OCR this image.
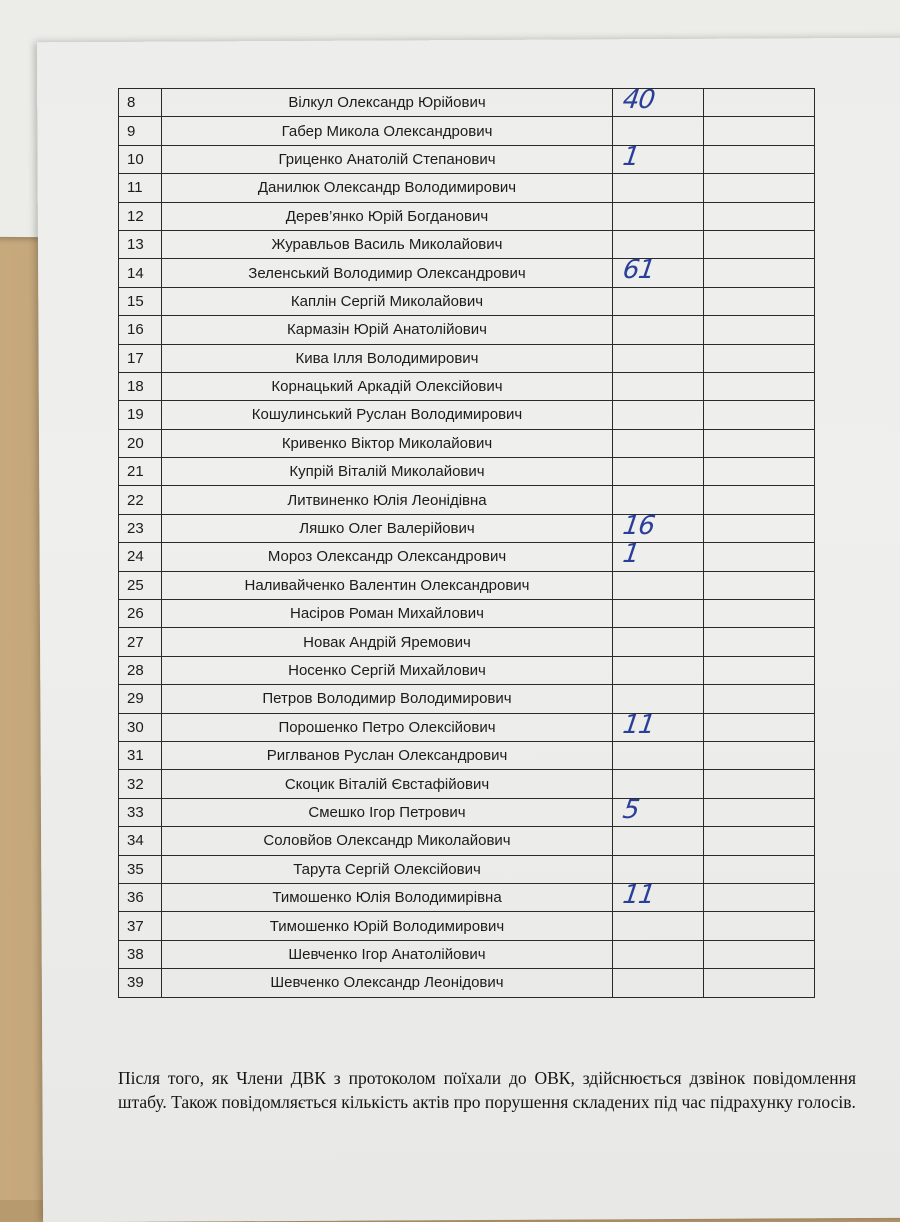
8	Вілкул Олександр Юрійович	40	

9	Габер Микола Олександрович		
10	Гриценко Анатолій Степанович	1	

11	Данилюк Олександр Володимирович		
12	Дерев’янко Юрій Богданович		
13	Журавльов Василь Миколайович		
14	Зеленський Володимир Олександрович	61	

15	Каплін Сергій Миколайович		
16	Кармазін Юрій Анатолійович		
17	Кива Ілля Володимирович		
18	Корнацький Аркадій Олексійович		
19	Кошулинський Руслан Володимирович		
20	Кривенко Віктор Миколайович		
21	Купрій Віталій Миколайович		
22	Литвиненко Юлія Леонідівна		
23	Ляшко Олег Валерійович	16	

24	Мороз Олександр Олександрович	1	

25	Наливайченко Валентин Олександрович		
26	Насіров Роман Михайлович		
27	Новак Андрій Яремович		
28	Носенко Сергій Михайлович		
29	Петров Володимир Володимирович		
30	Порошенко Петро Олексійович	11	

31	Риглванов Руслан Олександрович		
32	Скоцик Віталій Євстафійович		
33	Смешко Ігор Петрович	5	

34	Соловйов Олександр Миколайович		
35	Тарута Сергій Олексійович		
36	Тимошенко Юлія Володимирівна	11	

37	Тимошенко Юрій Володимирович		
38	Шевченко Ігор Анатолійович		
39	Шевченко Олександр Леонідович		
Після того, як Члени ДВК з протоколом поїхали до ОВК, здійснюється дзвінок повідомлення штабу. Також повідомляється кількість актів про порушення складених під час підрахунку голосів.
